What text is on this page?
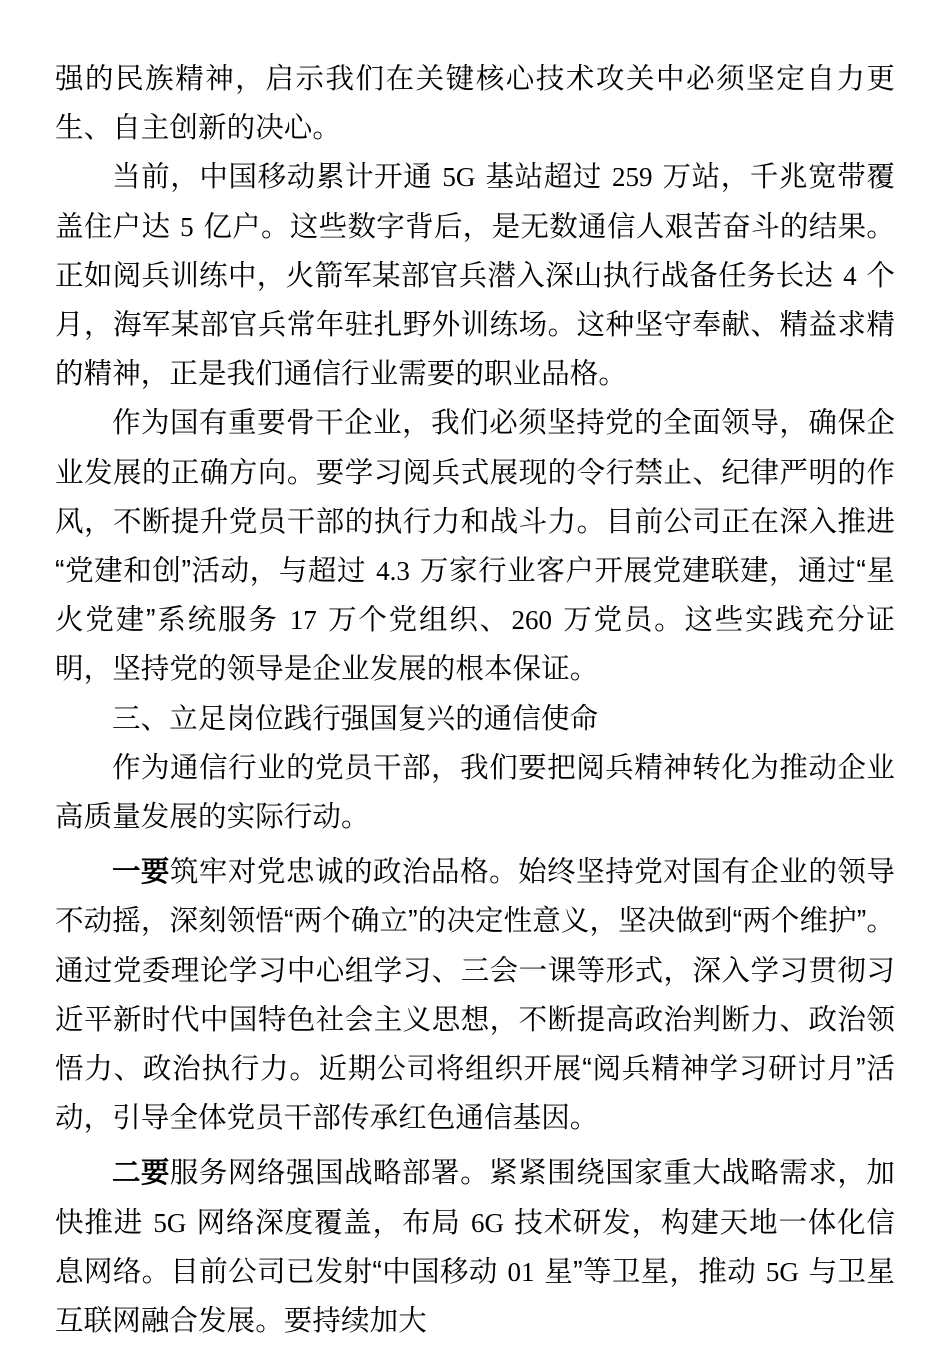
强的民族精神，启示我们在关键核心技术攻关中必须坚定自力更生、自主创新的决心。

当前，中国移动累计开通 5G 基站超过 259 万站，千兆宽带覆盖住户达 5 亿户。这些数字背后，是无数通信人艰苦奋斗的结果。正如阅兵训练中，火箭军某部官兵潜入深山执行战备任务长达 4 个月，海军某部官兵常年驻扎野外训练场。这种坚守奉献、精益求精的精神，正是我们通信行业需要的职业品格。

作为国有重要骨干企业，我们必须坚持党的全面领导，确保企业发展的正确方向。要学习阅兵式展现的令行禁止、纪律严明的作风，不断提升党员干部的执行力和战斗力。目前公司正在深入推进“党建和创”活动，与超过 4.3 万家行业客户开展党建联建，通过“星火党建”系统服务 17 万个党组织、260 万党员。这些实践充分证明，坚持党的领导是企业发展的根本保证。

三、立足岗位践行强国复兴的通信使命

作为通信行业的党员干部，我们要把阅兵精神转化为推动企业高质量发展的实际行动。

一要筑牢对党忠诚的政治品格。始终坚持党对国有企业的领导不动摇，深刻领悟“两个确立”的决定性意义，坚决做到“两个维护”。通过党委理论学习中心组学习、三会一课等形式，深入学习贯彻习近平新时代中国特色社会主义思想，不断提高政治判断力、政治领悟力、政治执行力。近期公司将组织开展“阅兵精神学习研讨月”活动，引导全体党员干部传承红色通信基因。

二要服务网络强国战略部署。紧紧围绕国家重大战略需求，加快推进 5G 网络深度覆盖，布局 6G 技术研发，构建天地一体化信息网络。目前公司已发射“中国移动 01 星”等卫星，推动 5G 与卫星互联网融合发展。要持续加大
